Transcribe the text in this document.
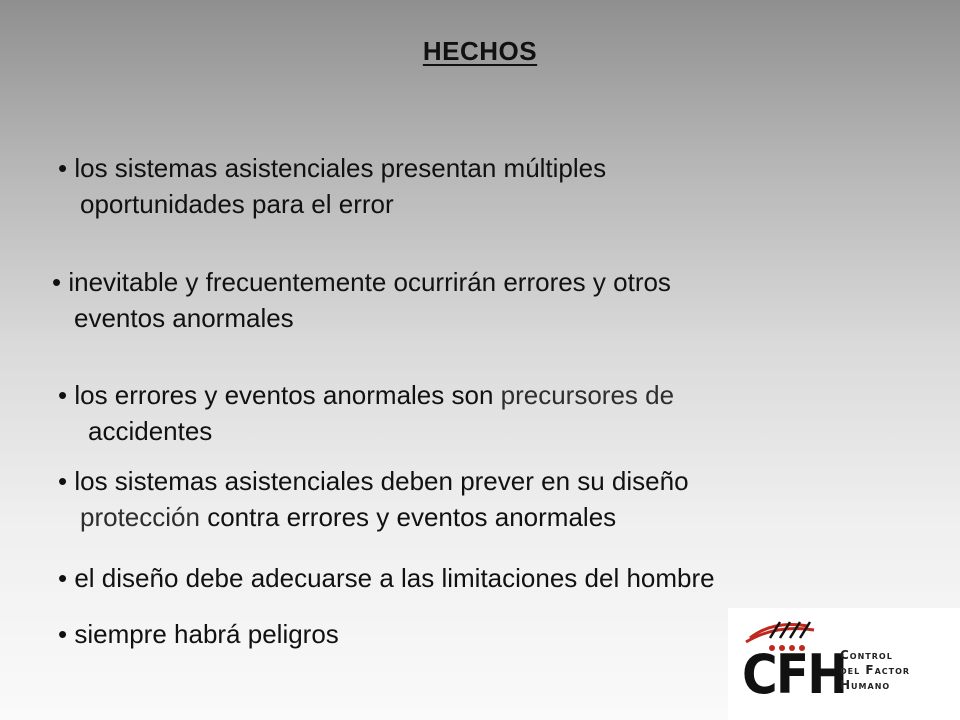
HECHOS
• los sistemas asistenciales presentan múltiples
oportunidades para el error
• inevitable y frecuentemente ocurrirán errores y otros
eventos anormales
• los errores y eventos anormales son precursores de
accidentes
• los sistemas asistenciales deben prever en su diseño
protección contra errores y eventos anormales
• el diseño debe adecuarse a las limitaciones del hombre
• siempre habrá peligros
CFH
Control
del Factor
Humano
